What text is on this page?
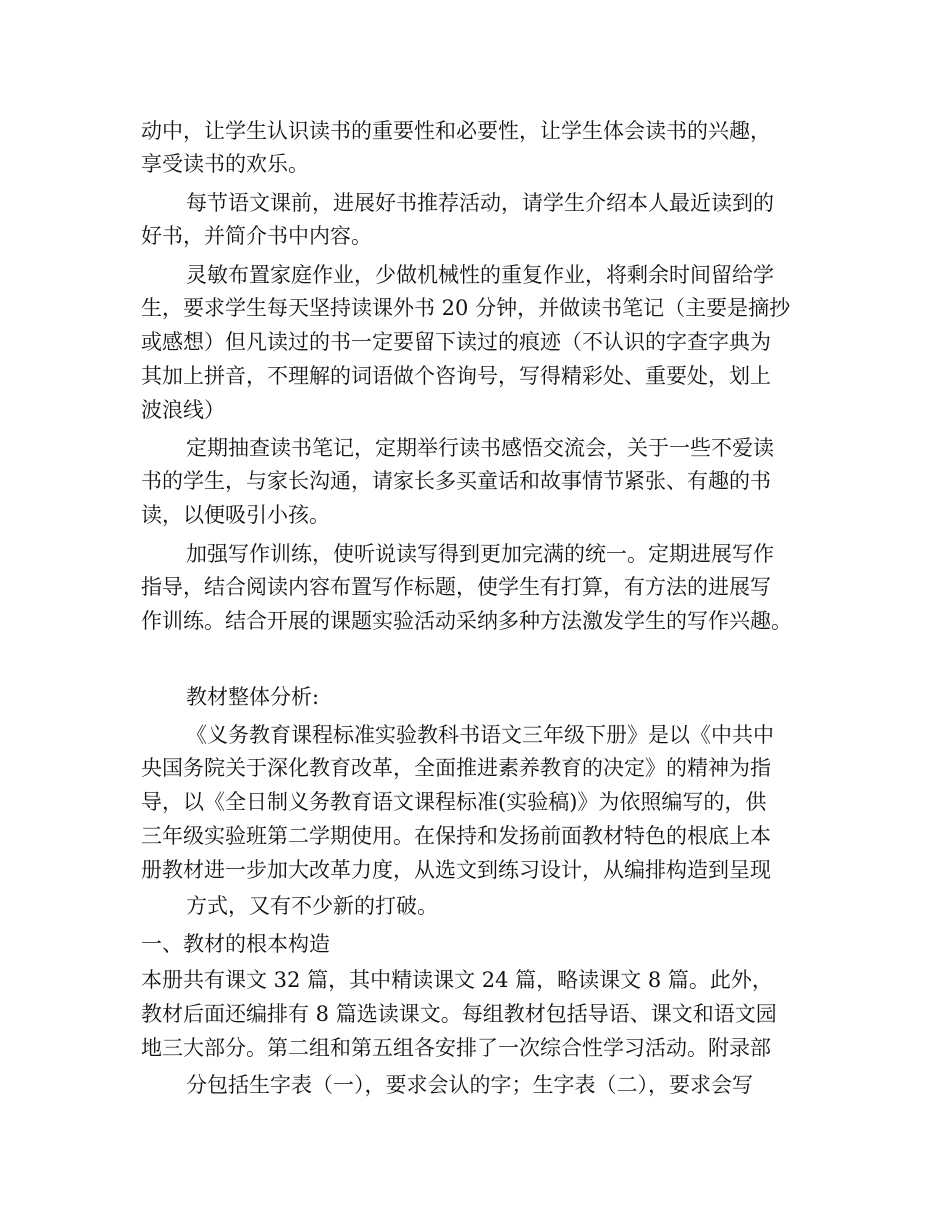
动中，让学生认识读书的重要性和必要性，让学生体会读书的兴趣，

享受读书的欢乐。

每节语文课前，进展好书推荐活动，请学生介绍本人最近读到的

好书，并简介书中内容。

灵敏布置家庭作业，少做机械性的重复作业，将剩余时间留给学

生，要求学生每天坚持读课外书 20 分钟，并做读书笔记（主要是摘抄

或感想）但凡读过的书一定要留下读过的痕迹（不认识的字查字典为

其加上拼音，不理解的词语做个咨询号，写得精彩处、重要处，划上

波浪线）

定期抽查读书笔记，定期举行读书感悟交流会，关于一些不爱读

书的学生，与家长沟通，请家长多买童话和故事情节紧张、有趣的书

读，以便吸引小孩。

加强写作训练，使听说读写得到更加完满的统一。定期进展写作

指导，结合阅读内容布置写作标题，使学生有打算，有方法的进展写

作训练。结合开展的课题实验活动采纳多种方法激发学生的写作兴趣。

教材整体分析:

《义务教育课程标准实验教科书语文三年级下册》是以《中共中

央国务院关于深化教育改革，全面推进素养教育的决定》的精神为指

导，以《全日制义务教育语文课程标准(实验稿)》为依照编写的，供

三年级实验班第二学期使用。在保持和发扬前面教材特色的根底上本

册教材进一步加大改革力度，从选文到练习设计，从编排构造到呈现

方式，又有不少新的打破。

一、教材的根本构造

本册共有课文 32 篇，其中精读课文 24 篇，略读课文 8 篇。此外，

教材后面还编排有 8 篇选读课文。每组教材包括导语、课文和语文园

地三大部分。第二组和第五组各安排了一次综合性学习活动。附录部

分包括生字表（一），要求会认的字；生字表（二），要求会写
